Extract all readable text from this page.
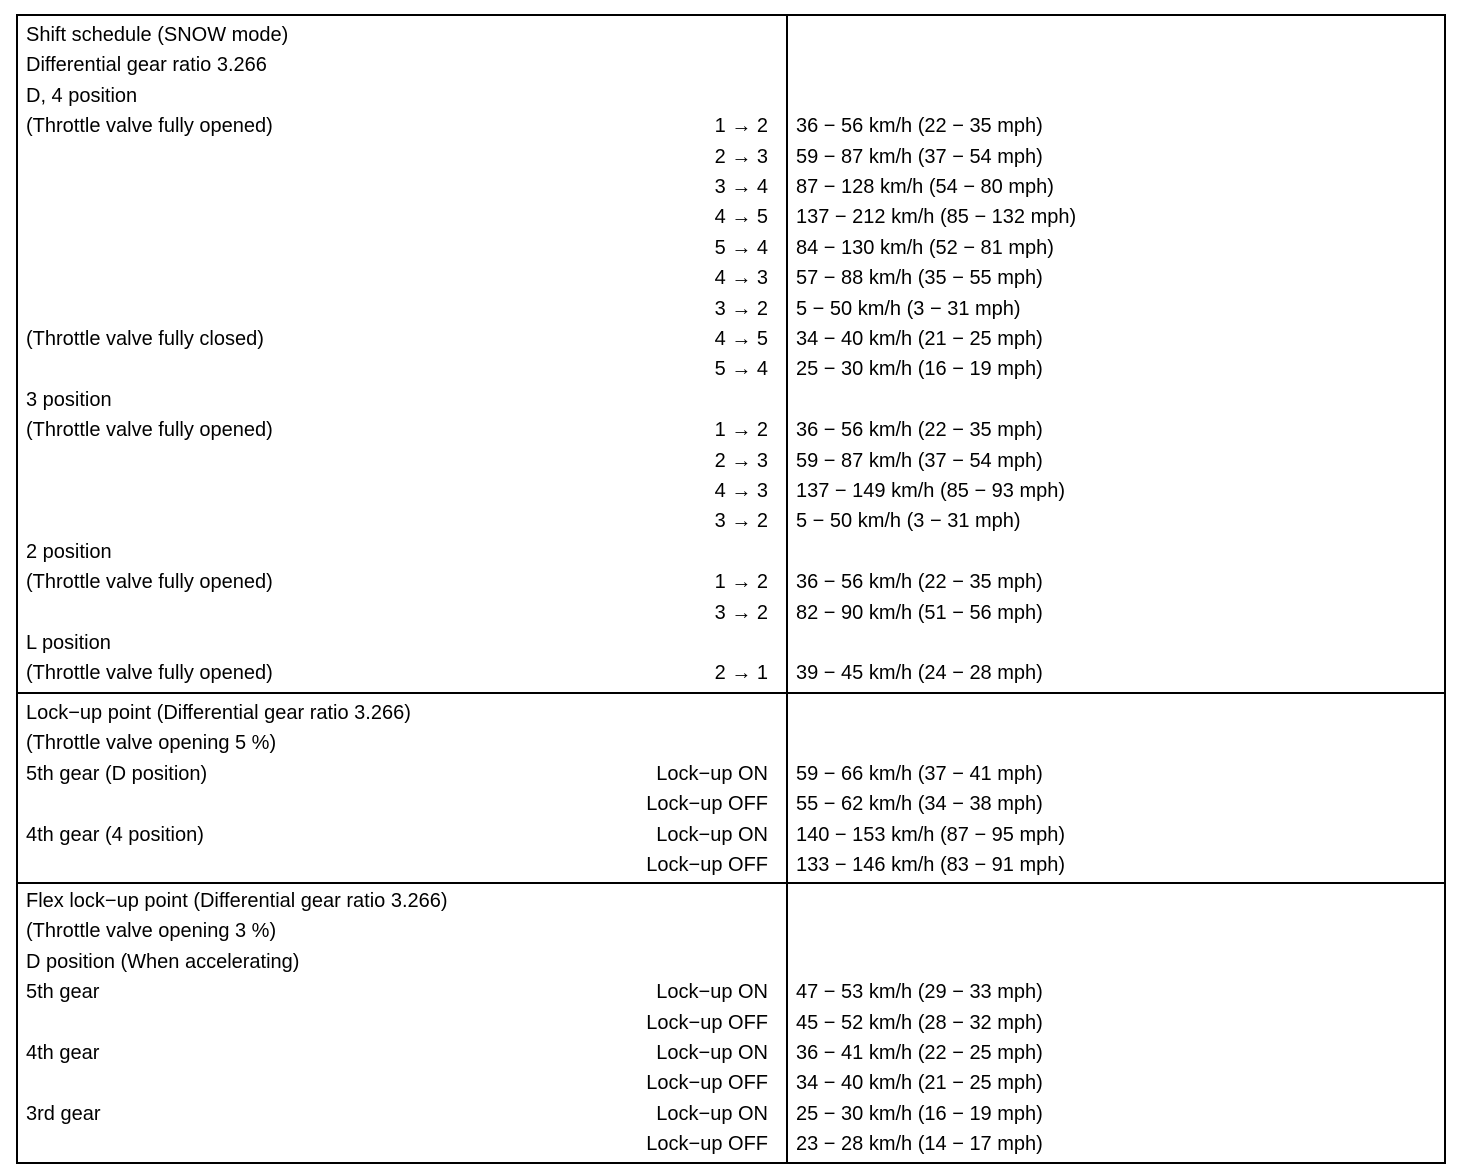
Shift schedule (SNOW mode)
Differential gear ratio 3.266
D, 4 position
(Throttle valve fully opened)	1 → 2 36 − 56 km/h (22 − 35 mph)
2 → 3 59 − 87 km/h (37 − 54 mph)
3 → 4 87 − 128 km/h (54 − 80 mph)
4 → 5 137 − 212 km/h (85 − 132 mph)
5 → 4 84 − 130 km/h (52 − 81 mph)
4 → 3 57 − 88 km/h (35 − 55 mph)
3 → 2 5 − 50 km/h (3 − 31 mph)
(Throttle valve fully closed)	4 → 5 34 − 40 km/h (21 − 25 mph)
5 → 4 25 − 30 km/h (16 − 19 mph)
3 position
(Throttle valve fully opened)	1 → 2 36 − 56 km/h (22 − 35 mph)
2 → 3 59 − 87 km/h (37 − 54 mph)
4 → 3 137 − 149 km/h (85 − 93 mph)
3 → 2 5 − 50 km/h (3 − 31 mph)
2 position
(Throttle valve fully opened)	1 → 2 36 − 56 km/h (22 − 35 mph)
3 → 2 82 − 90 km/h (51 − 56 mph)
L position
(Throttle valve fully opened)	2 → 1 39 − 45 km/h (24 − 28 mph)
Lock−up point (Differential gear ratio 3.266)
(Throttle valve opening 5 %)
5th gear (D position)	Lock−up ON 59 − 66 km/h (37 − 41 mph)
Lock−up OFF 55 − 62 km/h (34 − 38 mph)
4th gear (4 position)	Lock−up ON 140 − 153 km/h (87 − 95 mph)
Lock−up OFF 133 − 146 km/h (83 − 91 mph)
Flex lock−up point (Differential gear ratio 3.266)
(Throttle valve opening 3 %)
D position (When accelerating)
5th gear	Lock−up ON 47 − 53 km/h (29 − 33 mph)
Lock−up OFF 45 − 52 km/h (28 − 32 mph)
4th gear	Lock−up ON 36 − 41 km/h (22 − 25 mph)
Lock−up OFF 34 − 40 km/h (21 − 25 mph)
3rd gear	Lock−up ON 25 − 30 km/h (16 − 19 mph)
Lock−up OFF 23 − 28 km/h (14 − 17 mph)
